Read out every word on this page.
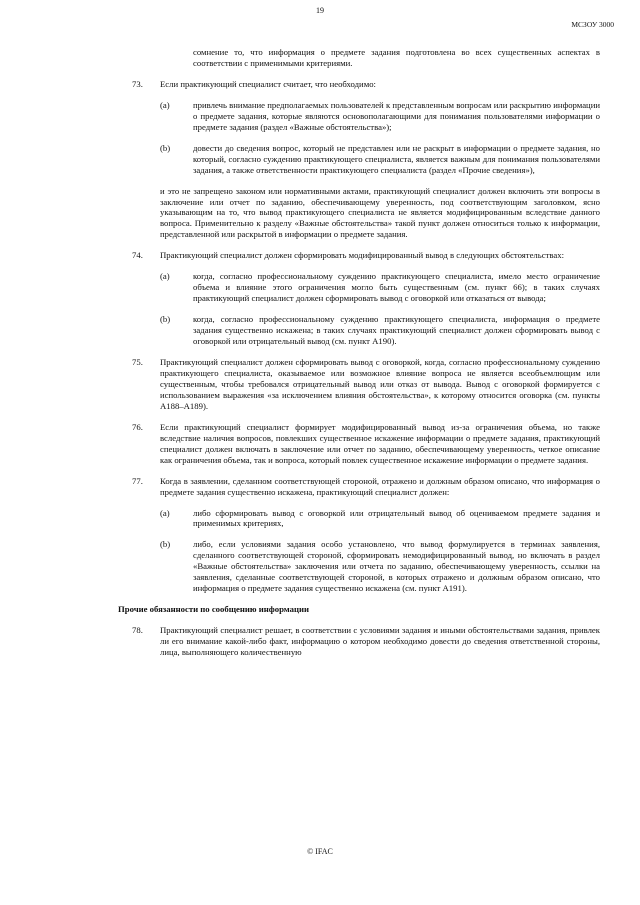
19
МСЗОУ 3000

сомнение то, что информация о предмете задания подготовлена во всех существенных аспектах в соответствии с применимыми критериями.

73. Если практикующий специалист считает, что необходимо:

(a)	привлечь внимание предполагаемых пользователей к представленным вопросам или раскрытию информации о предмете задания, которые являются основополагающими для понимания пользователями информации о предмете задания (раздел «Важные обстоятельства»);

(b)	довести до сведения вопрос, который не представлен или не раскрыт в информации о предмете задания, но который, согласно суждению практикующего специалиста, является важным для понимания пользователями задания, а также ответственности практикующего специалиста (раздел «Прочие сведения»),

и это не запрещено законом или нормативными актами, практикующий специалист должен включить эти вопросы в заключение или отчет по заданию, обеспечивающему уверенность, под соответствующим заголовком, ясно указывающим на то, что вывод практикующего специалиста не является модифицированным вследствие данного вопроса. Применительно к разделу «Важные обстоятельства» такой пункт должен относиться только к информации, представленной или раскрытой в информации о предмете задания.

74. Практикующий специалист должен сформировать модифицированный вывод в следующих обстоятельствах:

(a)	когда, согласно профессиональному суждению практикующего специалиста, имело место ограничение объема и влияние этого ограничения могло быть существенным (см. пункт 66); в таких случаях практикующий специалист должен сформировать вывод с оговоркой или отказаться от вывода;

(b)	когда, согласно профессиональному суждению практикующего специалиста, информация о предмете задания существенно искажена; в таких случаях практикующий специалист должен сформировать вывод с оговоркой или отрицательный вывод (см. пункт A190).

75. Практикующий специалист должен сформировать вывод с оговоркой, когда, согласно профессиональному суждению практикующего специалиста, оказываемое или возможное влияние вопроса не является всеобъемлющим или существенным, чтобы требовался отрицательный вывод или отказ от вывода. Вывод с оговоркой формируется с использованием выражения «за исключением влияния обстоятельства», к которому относится оговорка (см. пункты A188–A189).

76. Если практикующий специалист формирует модифицированный вывод из-за ограничения объема, но также вследствие наличия вопросов, повлекших существенное искажение информации о предмете задания, практикующий специалист должен включать в заключение или отчет по заданию, обеспечивающему уверенность, четкое описание как ограничения объема, так и вопроса, который повлек существенное искажение информации о предмете задания.

77. Когда в заявлении, сделанном соответствующей стороной, отражено и должным образом описано, что информация о предмете задания существенно искажена, практикующий специалист должен:

(a)	либо сформировать вывод с оговоркой или отрицательный вывод об оцениваемом предмете задания и применимых критериях,

(b)	либо, если условиями задания особо установлено, что вывод формулируется в терминах заявления, сделанного соответствующей стороной, сформировать немодифицированный вывод, но включать в раздел «Важные обстоятельства» заключения или отчета по заданию, обеспечивающему уверенность, ссылки на заявления, сделанные соответствующей стороной, в которых отражено и должным образом описано, что информация о предмете задания существенно искажена (см. пункт A191).

Прочие обязанности по сообщению информации

78. Практикующий специалист решает, в соответствии с условиями задания и иными обстоятельствами задания, привлек ли его внимание какой-либо факт, информацию о котором необходимо довести до сведения ответственной стороны, лица, выполняющего количественную

© IFAC
